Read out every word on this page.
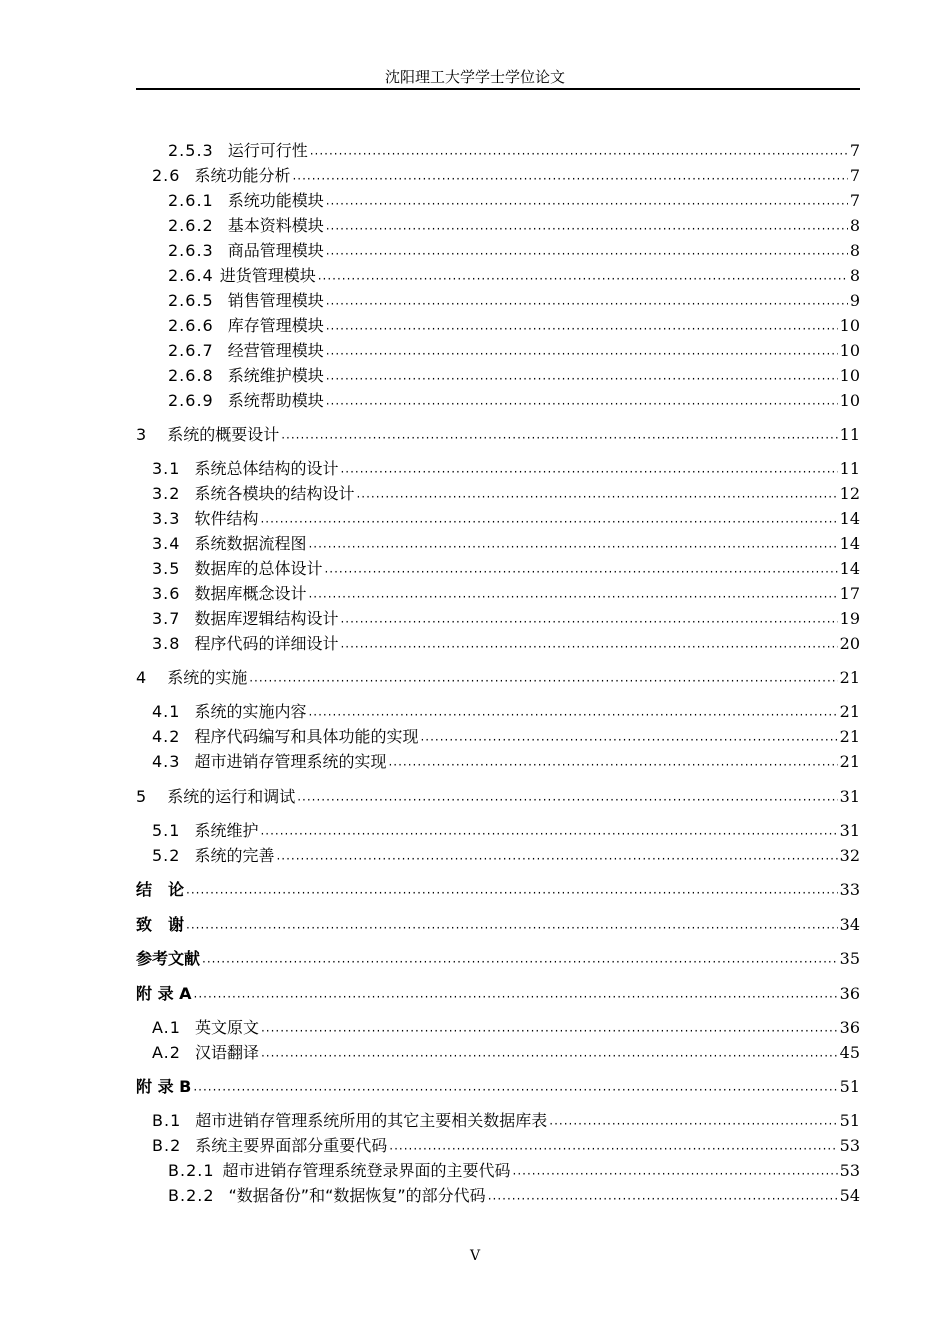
沈阳理工大学学士学位论文
2.5.3 运行可行性 ·····	7
2.6 系统功能分析 ·····	7
2.6.1 系统功能模块 ·····	7
2.6.2 基本资料模块 ·····	8
2.6.3 商品管理模块 ·····	8
2.6.4 进货管理模块 ·····	8
2.6.5 销售管理模块 ·····	9
2.6.6 库存管理模块 ·····	10
2.6.7 经营管理模块 ·····	10
2.6.8 系统维护模块 ·····	10
2.6.9 系统帮助模块 ·····	10
3 系统的概要设计 ·····	11
3.1 系统总体结构的设计 ·····	11
3.2 系统各模块的结构设计 ·····	12
3.3 软件结构 ·····	14
3.4 系统数据流程图 ·····	14
3.5 数据库的总体设计 ·····	14
3.6 数据库概念设计 ·····	17
3.7 数据库逻辑结构设计 ·····	19
3.8 程序代码的详细设计 ·····	20
4 系统的实施 ·····	21
4.1 系统的实施内容 ·····	21
4.2 程序代码编写和具体功能的实现 ·····	21
4.3 超市进销存管理系统的实现 ·····	21
5 系统的运行和调试 ·····	31
5.1 系统维护 ·····	31
5.2 系统的完善 ·····	32
结　论 ·····	33
致　谢 ·····	34
参考文献 ·····	35
附 录 A ·····	36
A.1 英文原文 ·····	36
A.2 汉语翻译 ·····	45
附 录 B ·····	51
B.1 超市进销存管理系统所用的其它主要相关数据库表 ·····	51
B.2 系统主要界面部分重要代码 ·····	53
B.2.1 超市进销存管理系统登录界面的主要代码 ·····	53
B.2.2 “数据备份”和“数据恢复”的部分代码 ·····	54
V
